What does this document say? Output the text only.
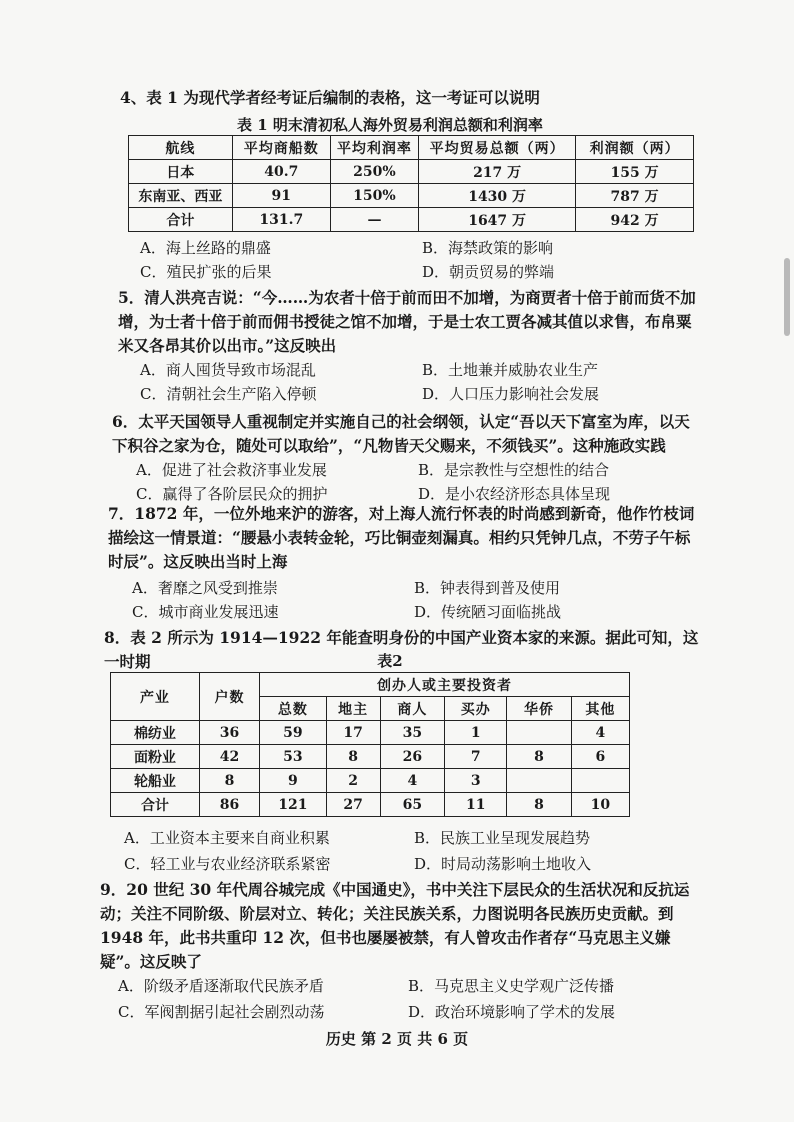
4、表 1 为现代学者经考证后编制的表格，这一考证可以说明
表 1 明末清初私人海外贸易利润总额和利润率
航线	平均商船数	平均利润率	平均贸易总额（两）	利润额（两）
日本	40.7	250%	217 万	155 万
东南亚、西亚	91	150%	1430 万	787 万
合计	131.7	—	1647 万	942 万
A．海上丝路的鼎盛	B．海禁政策的影响
C．殖民扩张的后果	D．朝贡贸易的弊端
5．清人洪亮吉说：“今……为农者十倍于前而田不加增，为商贾者十倍于前而货不加增，为士者十倍于前而佣书授徒之馆不加增，于是士农工贾各减其值以求售，布帛粟米又各昂其价以出市。”这反映出
A．商人囤货导致市场混乱	B．土地兼并威胁农业生产
C．清朝社会生产陷入停顿	D．人口压力影响社会发展
6．太平天国领导人重视制定并实施自己的社会纲领，认定“吾以天下富室为库，以天下积谷之家为仓，随处可以取给”，“凡物皆天父赐来，不须钱买”。这种施政实践
A．促进了社会救济事业发展	B．是宗教性与空想性的结合
C．赢得了各阶层民众的拥护	D．是小农经济形态具体呈现
7．1872 年，一位外地来沪的游客，对上海人流行怀表的时尚感到新奇，他作竹枝词描绘这一情景道：“腰悬小表转金轮，巧比铜壶刻漏真。相约只凭钟几点，不劳子午标时辰”。这反映出当时上海
A．奢靡之风受到推崇	B．钟表得到普及使用
C．城市商业发展迅速	D．传统陋习面临挑战
8．表 2 所示为 1914—1922 年能查明身份的中国产业资本家的来源。据此可知，这一时期	表2
产业	户数	创办人或主要投资者					
		总数	地主	商人	买办	华侨	其他
棉纺业	36	59	17	35	1		4
面粉业	42	53	8	26	7	8	6
轮船业	8	9	2	4	3		
合计	86	121	27	65	11	8	10
A．工业资本主要来自商业积累	B．民族工业呈现发展趋势
C．轻工业与农业经济联系紧密	D．时局动荡影响土地收入
9．20 世纪 30 年代周谷城完成《中国通史》，书中关注下层民众的生活状况和反抗运动；关注不同阶级、阶层对立、转化；关注民族关系，力图说明各民族历史贡献。到 1948 年，此书共重印 12 次，但书也屡屡被禁，有人曾攻击作者存“马克思主义嫌疑”。这反映了
A．阶级矛盾逐渐取代民族矛盾	B．马克思主义史学观广泛传播
C．军阀割据引起社会剧烈动荡	D．政治环境影响了学术的发展
历史 第 2 页 共 6 页
